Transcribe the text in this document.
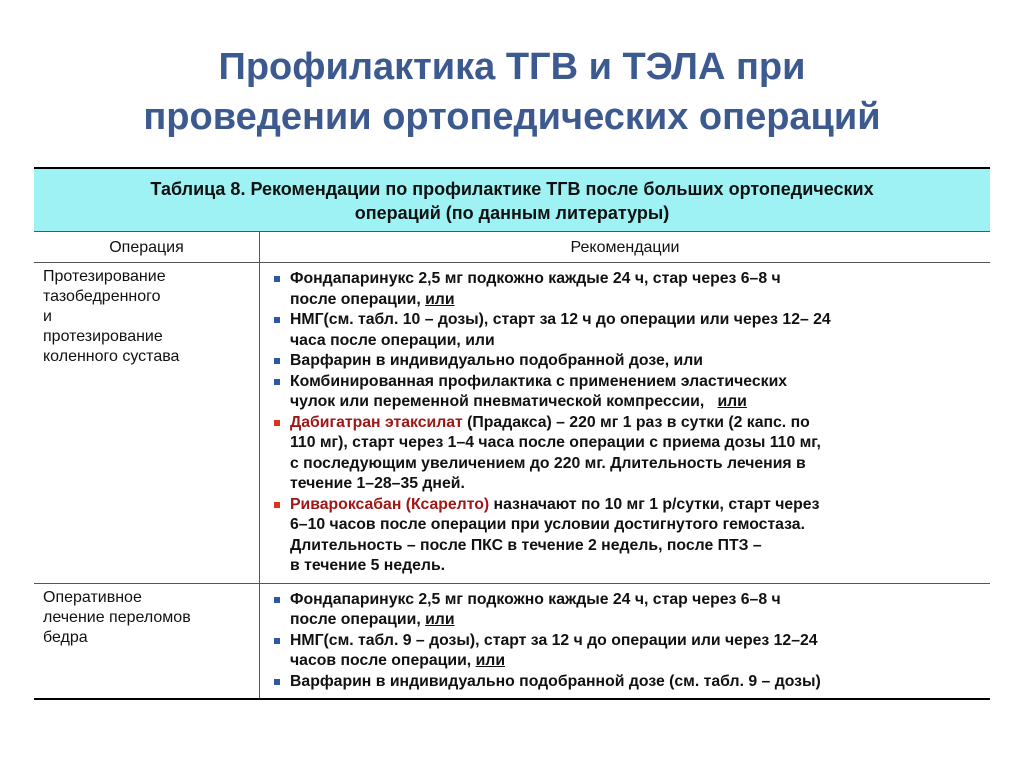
Профилактика ТГВ и ТЭЛА при
проведении ортопедических операций
Таблица 8. Рекомендации по профилактике ТГВ после больших ортопедических
операций (по данным литературы)
Операция	Рекомендации
Протезирование
тазобедренного
и
протезирование
коленного сустава
Фондапаринукс 2,5 мг подкожно каждые 24 ч, стар через 6–8 ч
после операции, или
НМГ(см. табл. 10 – дозы), старт за 12 ч до операции или через 12– 24
часа после операции, или
Варфарин в индивидуально подобранной дозе, или
Комбинированная профилактика с применением эластических
чулок или переменной пневматической компрессии,   или
Дабигатран этаксилат (Прадакса) – 220 мг 1 раз в сутки (2 капс. по
110 мг), старт через 1–4 часа после операции с приема дозы 110 мг,
с последующим увеличением до 220 мг. Длительность лечения в
течение 1–28–35 дней.
Ривароксабан (Ксарелто) назначают по 10 мг 1 р/сутки, старт через
6–10 часов после операции при условии достигнутого гемостаза.
Длительность – после ПКС в течение 2 недель, после ПТЗ –
в течение 5 недель.
Оперативное
лечение переломов
бедра
Фондапаринукс 2,5 мг подкожно каждые 24 ч, стар через 6–8 ч
после операции, или
НМГ(см. табл. 9 – дозы), старт за 12 ч до операции или через 12–24
часов после операции, или
Варфарин в индивидуально подобранной дозе (см. табл. 9 – дозы)
